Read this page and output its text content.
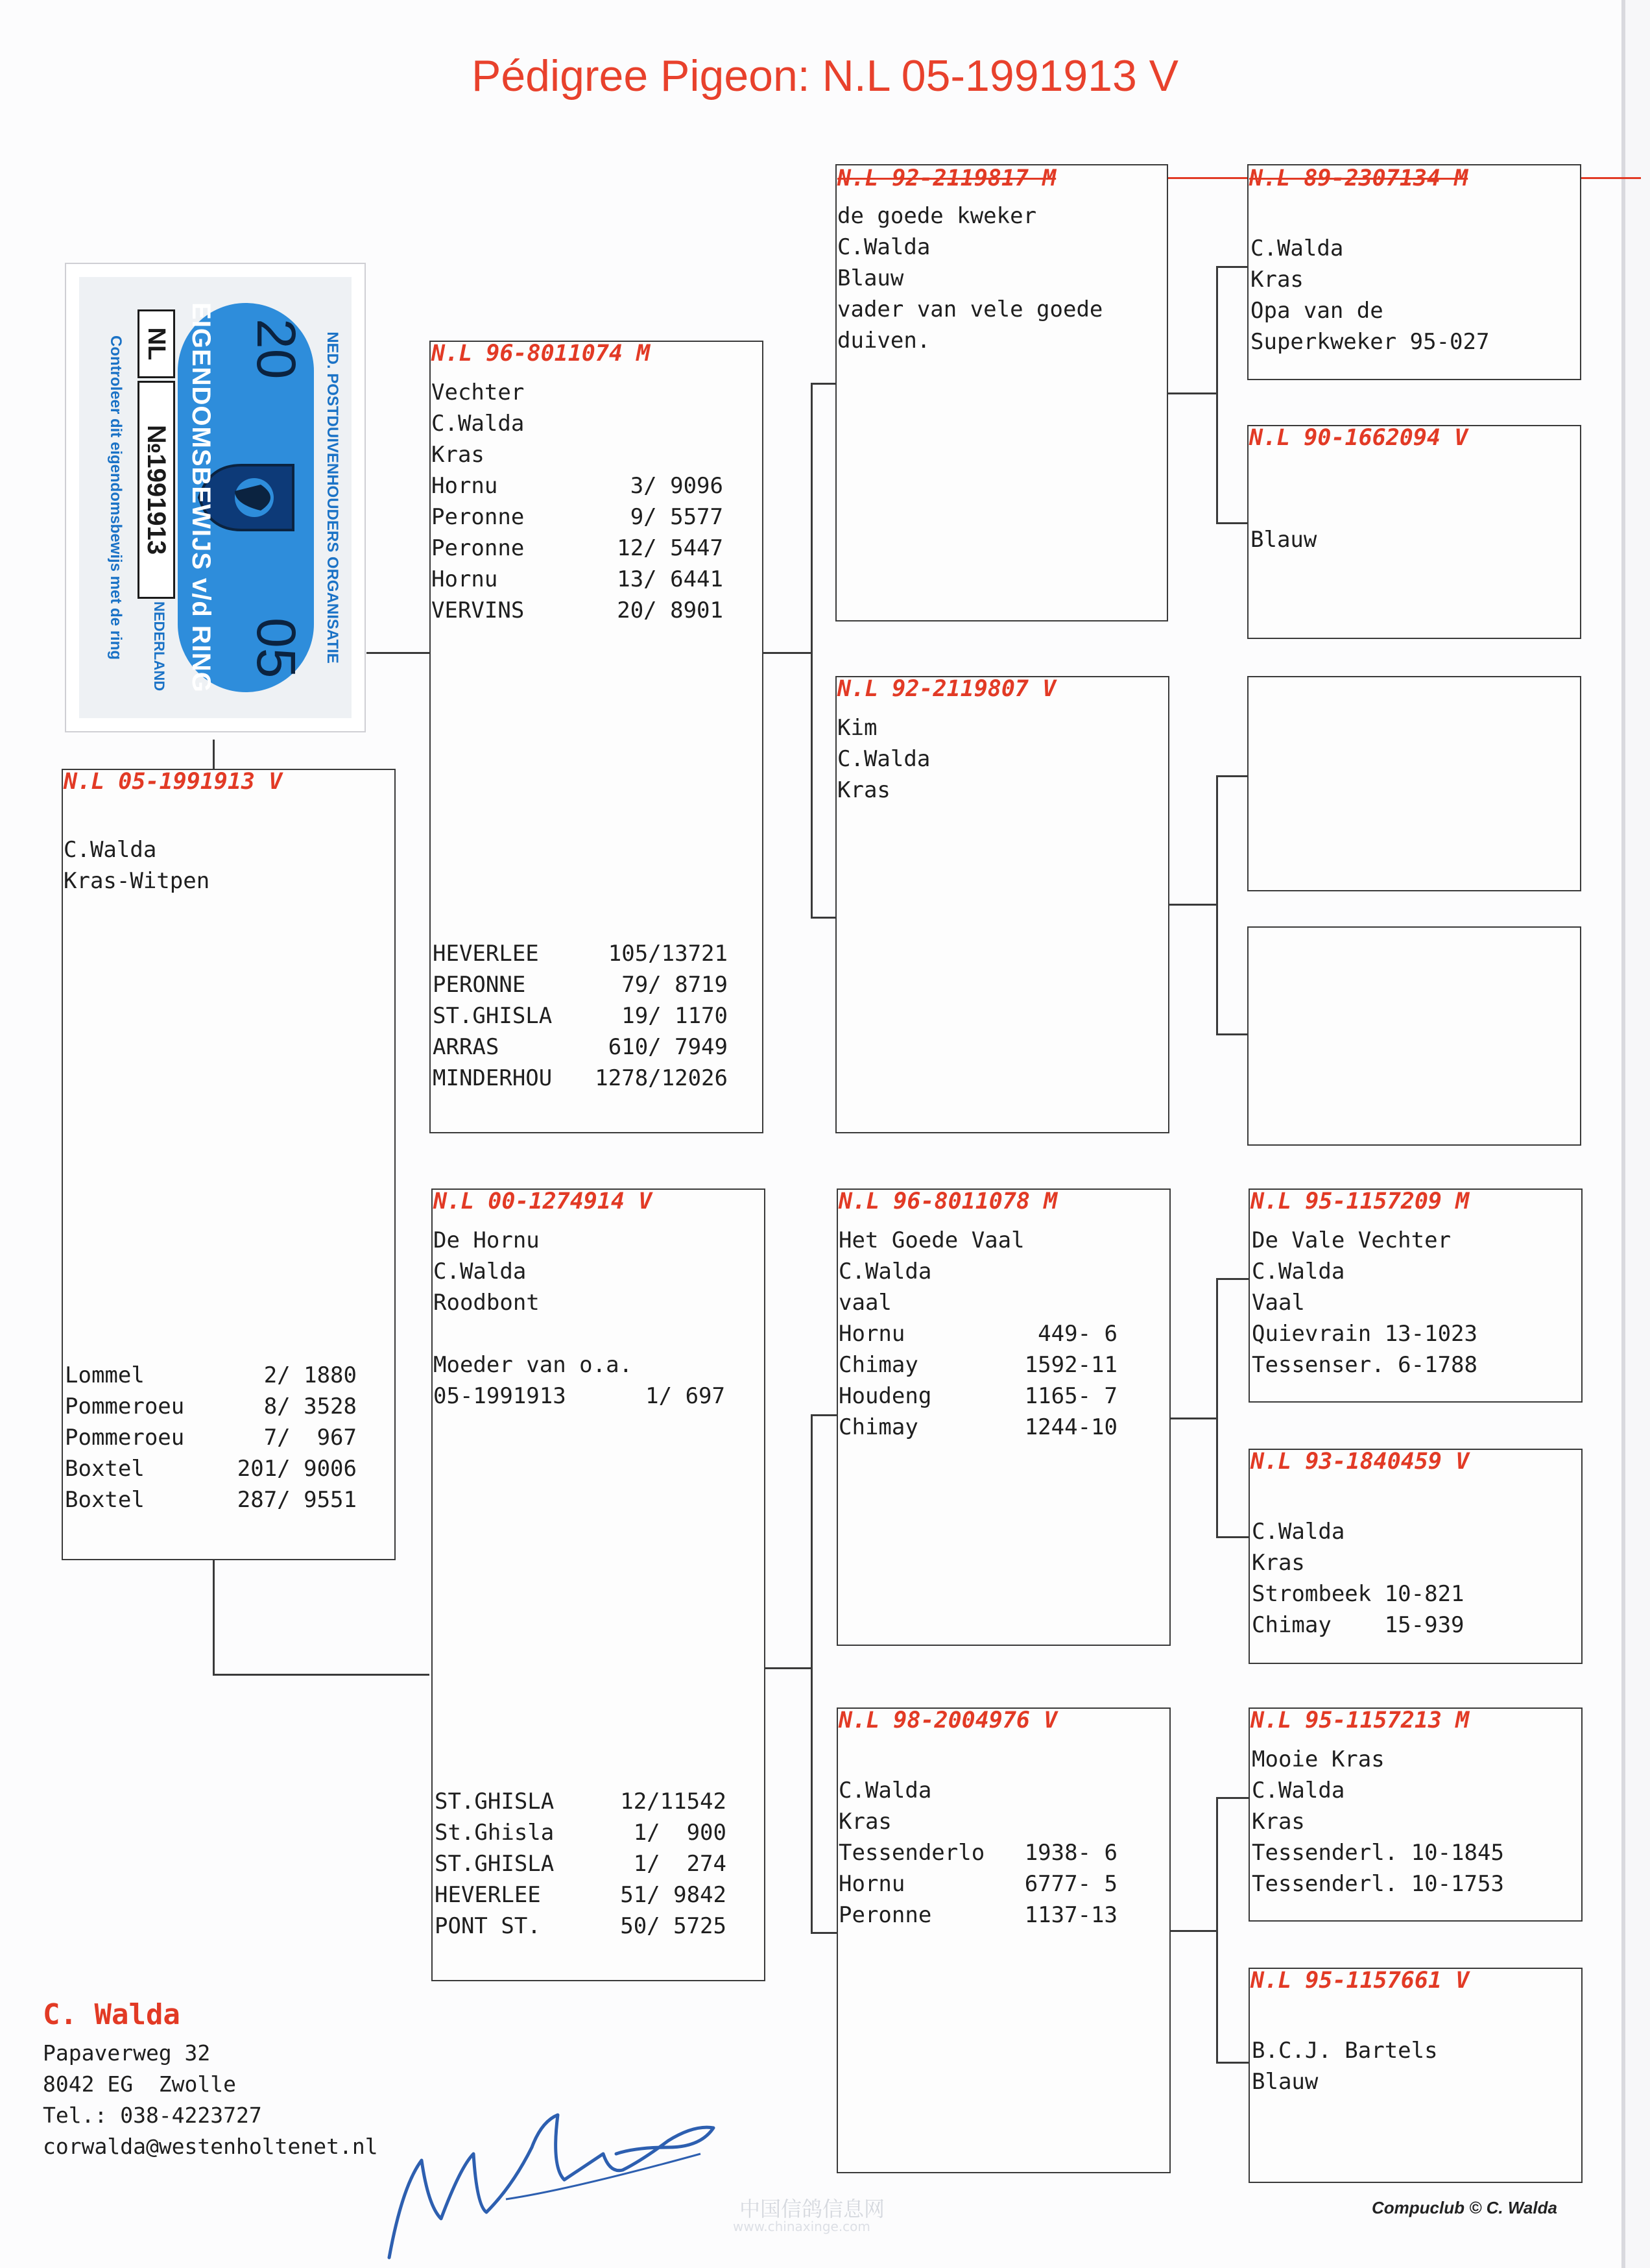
Pédigree Pigeon: N.L 05-1991913 V
NED. POSTDUIVENHOUDERS ORGANISATIE
20
05
EIGENDOMSBEWIJS v/d RING
NL
№1991913
NEDERLAND
Controleer dit eigendomsbewijs met de ring
N.L 05-1991913 V
C.Walda
Kras-Witpen
Lommel	2/ 1880
Pommeroeu	8/ 3528
Pommeroeu	7/  967
Boxtel	201/ 9006
Boxtel	287/ 9551
N.L 96-8011074 M
Vechter
C.Walda
Kras
Hornu	3/ 9096
Peronne	9/ 5577
Peronne	12/ 5447
Hornu	13/ 6441
VERVINS	20/ 8901
HEVERLEE	105/13721
PERONNE	79/ 8719
ST.GHISLA	19/ 1170
ARRAS	610/ 7949
MINDERHOU 1278/12026
N.L 00-1274914 V
De Hornu
C.Walda
Roodbont
Moeder van o.a.
05-1991913	1/ 697
ST.GHISLA	12/11542
St.Ghisla	1/  900
ST.GHISLA	1/  274
HEVERLEE	51/ 9842
PONT ST.	50/ 5725
N.L 92-2119817 M
de goede kweker
C.Walda
Blauw
vader van vele goede
duiven.
N.L 92-2119807 V
Kim
C.Walda
Kras
N.L 96-8011078 M
Het Goede Vaal
C.Walda
vaal
Hornu	449- 6
Chimay	1592-11
Houdeng	1165- 7
Chimay	1244-10
N.L 98-2004976 V
C.Walda
Kras
Tessenderlo 1938- 6
Hornu	6777- 5
Peronne	1137-13
N.L 89-2307134 M
C.Walda
Kras
Opa van de
Superkweker 95-027
N.L 90-1662094 V
Blauw
N.L 95-1157209 M
De Vale Vechter
C.Walda
Vaal
Quievrain 13-1023
Tessenser. 6-1788
N.L 93-1840459 V
C.Walda
Kras
Strombeek 10-821
Chimay    15-939
N.L 95-1157213 M
Mooie Kras
C.Walda
Kras
Tessenderl. 10-1845
Tessenderl. 10-1753
N.L 95-1157661 V
B.C.J. Bartels
Blauw
C. Walda
Papaverweg 32
8042 EG  Zwolle
Tel.: 038-4223727
corwalda@westenholtenet.nl
中国信鸽信息网
www.chinaxinge.com
Compuclub © C. Walda
